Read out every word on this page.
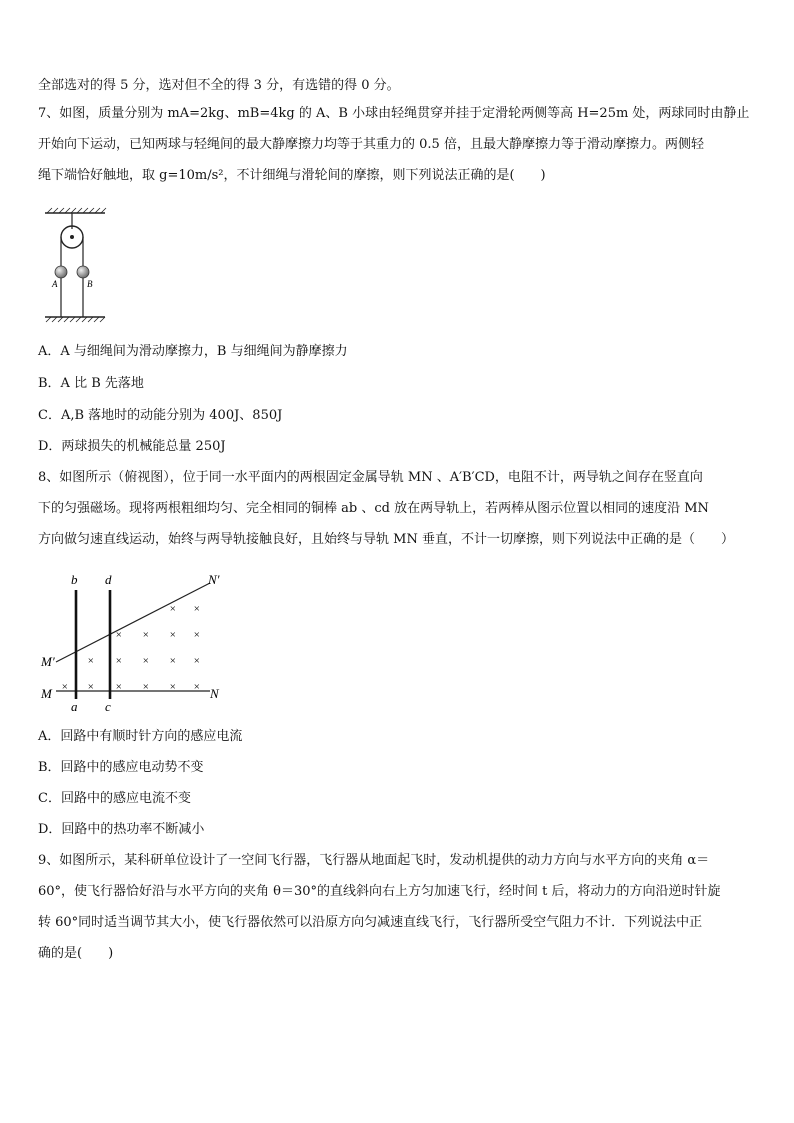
全部选对的得 5 分，选对但不全的得 3 分，有选错的得 0 分。
7、如图，质量分别为 mA=2kg、mB=4kg 的 A、B 小球由轻绳贯穿并挂于定滑轮两侧等高 H=25m 处，两球同时由静止
开始向下运动，已知两球与轻绳间的最大静摩擦力均等于其重力的 0.5 倍，且最大静摩擦力等于滑动摩擦力。两侧轻
绳下端恰好触地，取 g=10m/s²，不计细绳与滑轮间的摩擦，则下列说法正确的是(　　)
A	B
A．A 与细绳间为滑动摩擦力，B 与细绳间为静摩擦力
B．A 比 B 先落地
C．A,B 落地时的动能分别为 400J、850J
D．两球损失的机械能总量 250J
8、如图所示（俯视图），位于同一水平面内的两根固定金属导轨 MN 、A′B′CD，电阻不计，两导轨之间存在竖直向
下的匀强磁场。现将两根粗细均匀、完全相同的铜棒 ab 、cd 放在两导轨上，若两棒从图示位置以相同的速度沿 MN
方向做匀速直线运动，始终与两导轨接触良好，且始终与导轨 MN 垂直，不计一切摩擦，则下列说法中正确的是（　　）
b d	N′
M′
M	N
a c
× ×
× × × ×
× × × × ×
× × × × × ×
A．回路中有顺时针方向的感应电流
B．回路中的感应电动势不变
C．回路中的感应电流不变
D．回路中的热功率不断减小
9、如图所示，某科研单位设计了一空间飞行器，飞行器从地面起飞时，发动机提供的动力方向与水平方向的夹角 α＝
60°，使飞行器恰好沿与水平方向的夹角 θ＝30°的直线斜向右上方匀加速飞行，经时间 t 后，将动力的方向沿逆时针旋
转 60°同时适当调节其大小，使飞行器依然可以沿原方向匀减速直线飞行，飞行器所受空气阻力不计．下列说法中正
确的是(　　)
